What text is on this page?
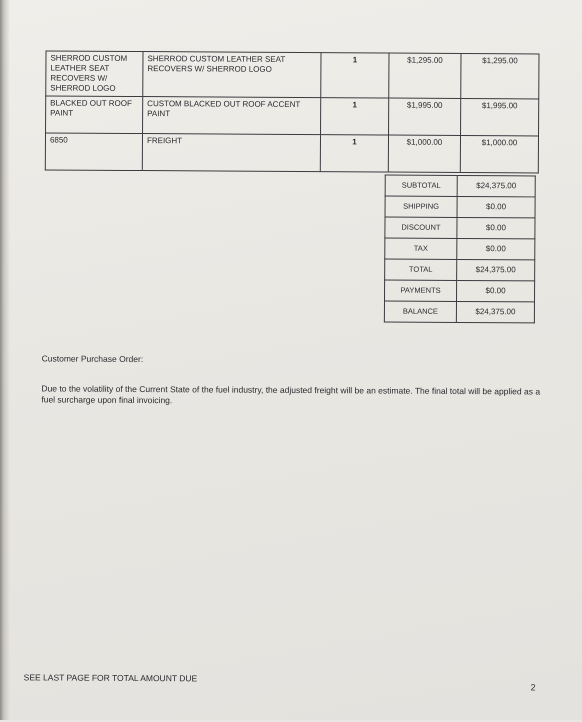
SHERROD CUSTOM LEATHER SEAT RECOVERS W/ SHERROD LOGO	SHERROD CUSTOM LEATHER SEAT RECOVERS W/ SHERROD LOGO	1	$1,295.00	$1,295.00
BLACKED OUT ROOF PAINT	CUSTOM BLACKED OUT ROOF ACCENT PAINT	1	$1,995.00	$1,995.00
6850	FREIGHT	1	$1,000.00	$1,000.00
SUBTOTAL	$24,375.00
SHIPPING	$0.00
DISCOUNT	$0.00
TAX	$0.00
TOTAL	$24,375.00
PAYMENTS	$0.00
BALANCE	$24,375.00
Customer Purchase Order:
Due to the volatility of the Current State of the fuel industry, the adjusted freight will be an estimate. The final total will be applied as a fuel surcharge upon final invoicing.
SEE LAST PAGE FOR TOTAL AMOUNT DUE
2
